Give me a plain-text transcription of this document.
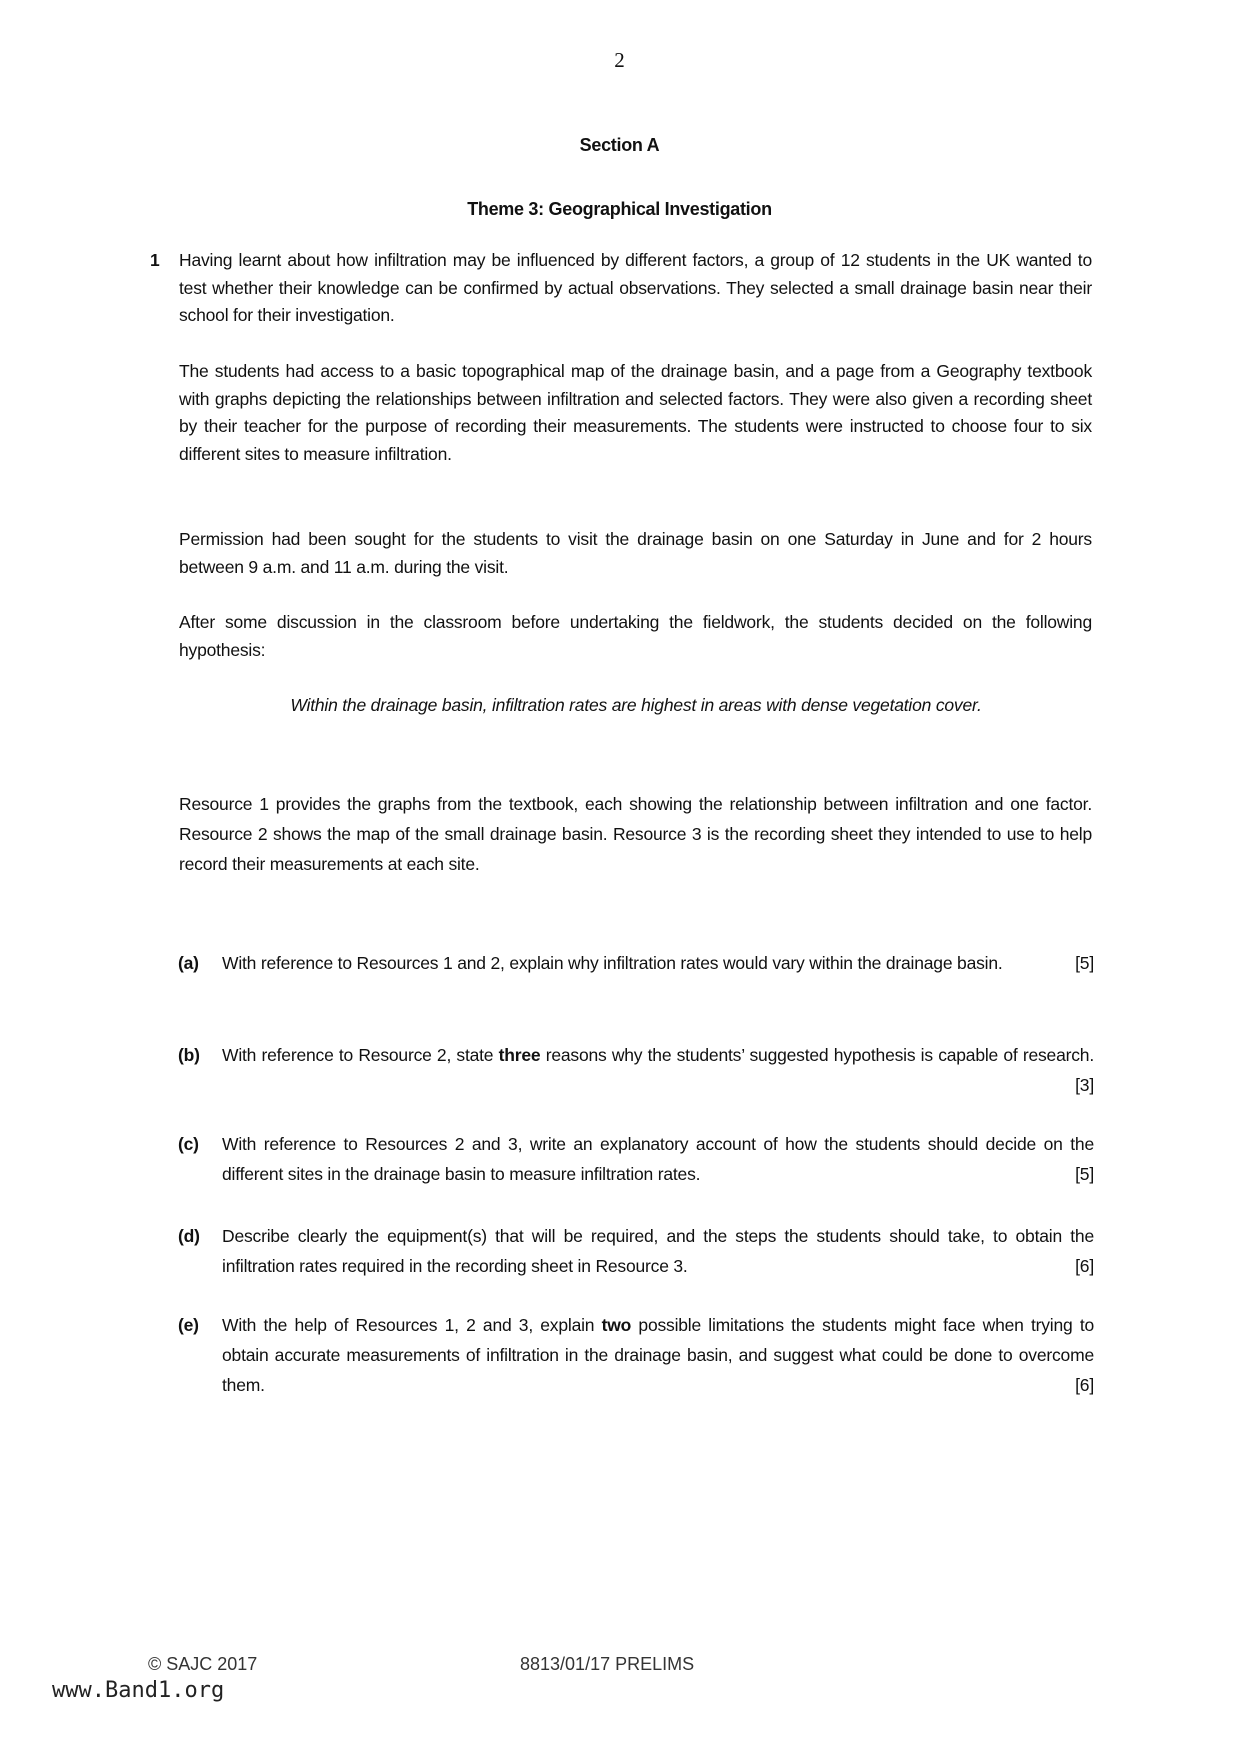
2
Section A
Theme 3: Geographical Investigation
1 Having learnt about how infiltration may be influenced by different factors, a group of 12 students in the UK wanted to test whether their knowledge can be confirmed by actual observations. They selected a small drainage basin near their school for their investigation.
The students had access to a basic topographical map of the drainage basin, and a page from a Geography textbook with graphs depicting the relationships between infiltration and selected factors. They were also given a recording sheet by their teacher for the purpose of recording their measurements. The students were instructed to choose four to six different sites to measure infiltration.
Permission had been sought for the students to visit the drainage basin on one Saturday in June and for 2 hours between 9 a.m. and 11 a.m. during the visit.
After some discussion in the classroom before undertaking the fieldwork, the students decided on the following hypothesis:
Within the drainage basin, infiltration rates are highest in areas with dense vegetation cover.
Resource 1 provides the graphs from the textbook, each showing the relationship between infiltration and one factor. Resource 2 shows the map of the small drainage basin. Resource 3 is the recording sheet they intended to use to help record their measurements at each site.
(a) With reference to Resources 1 and 2, explain why infiltration rates would vary within the drainage basin.	[5]
(b) With reference to Resource 2, state three reasons why the students’ suggested hypothesis is capable of research.
[3]
(c) With reference to Resources 2 and 3, write an explanatory account of how the students should decide on the different sites in the drainage basin to measure infiltration rates.	[5]
(d) Describe clearly the equipment(s) that will be required, and the steps the students should take, to obtain the infiltration rates required in the recording sheet in Resource 3.	[6]
(e) With the help of Resources 1, 2 and 3, explain two possible limitations the students might face when trying to obtain accurate measurements of infiltration in the drainage basin, and suggest what could be done to overcome them.	[6]
© SAJC 2017	8813/01/17 PRELIMS
www.Band1.org
